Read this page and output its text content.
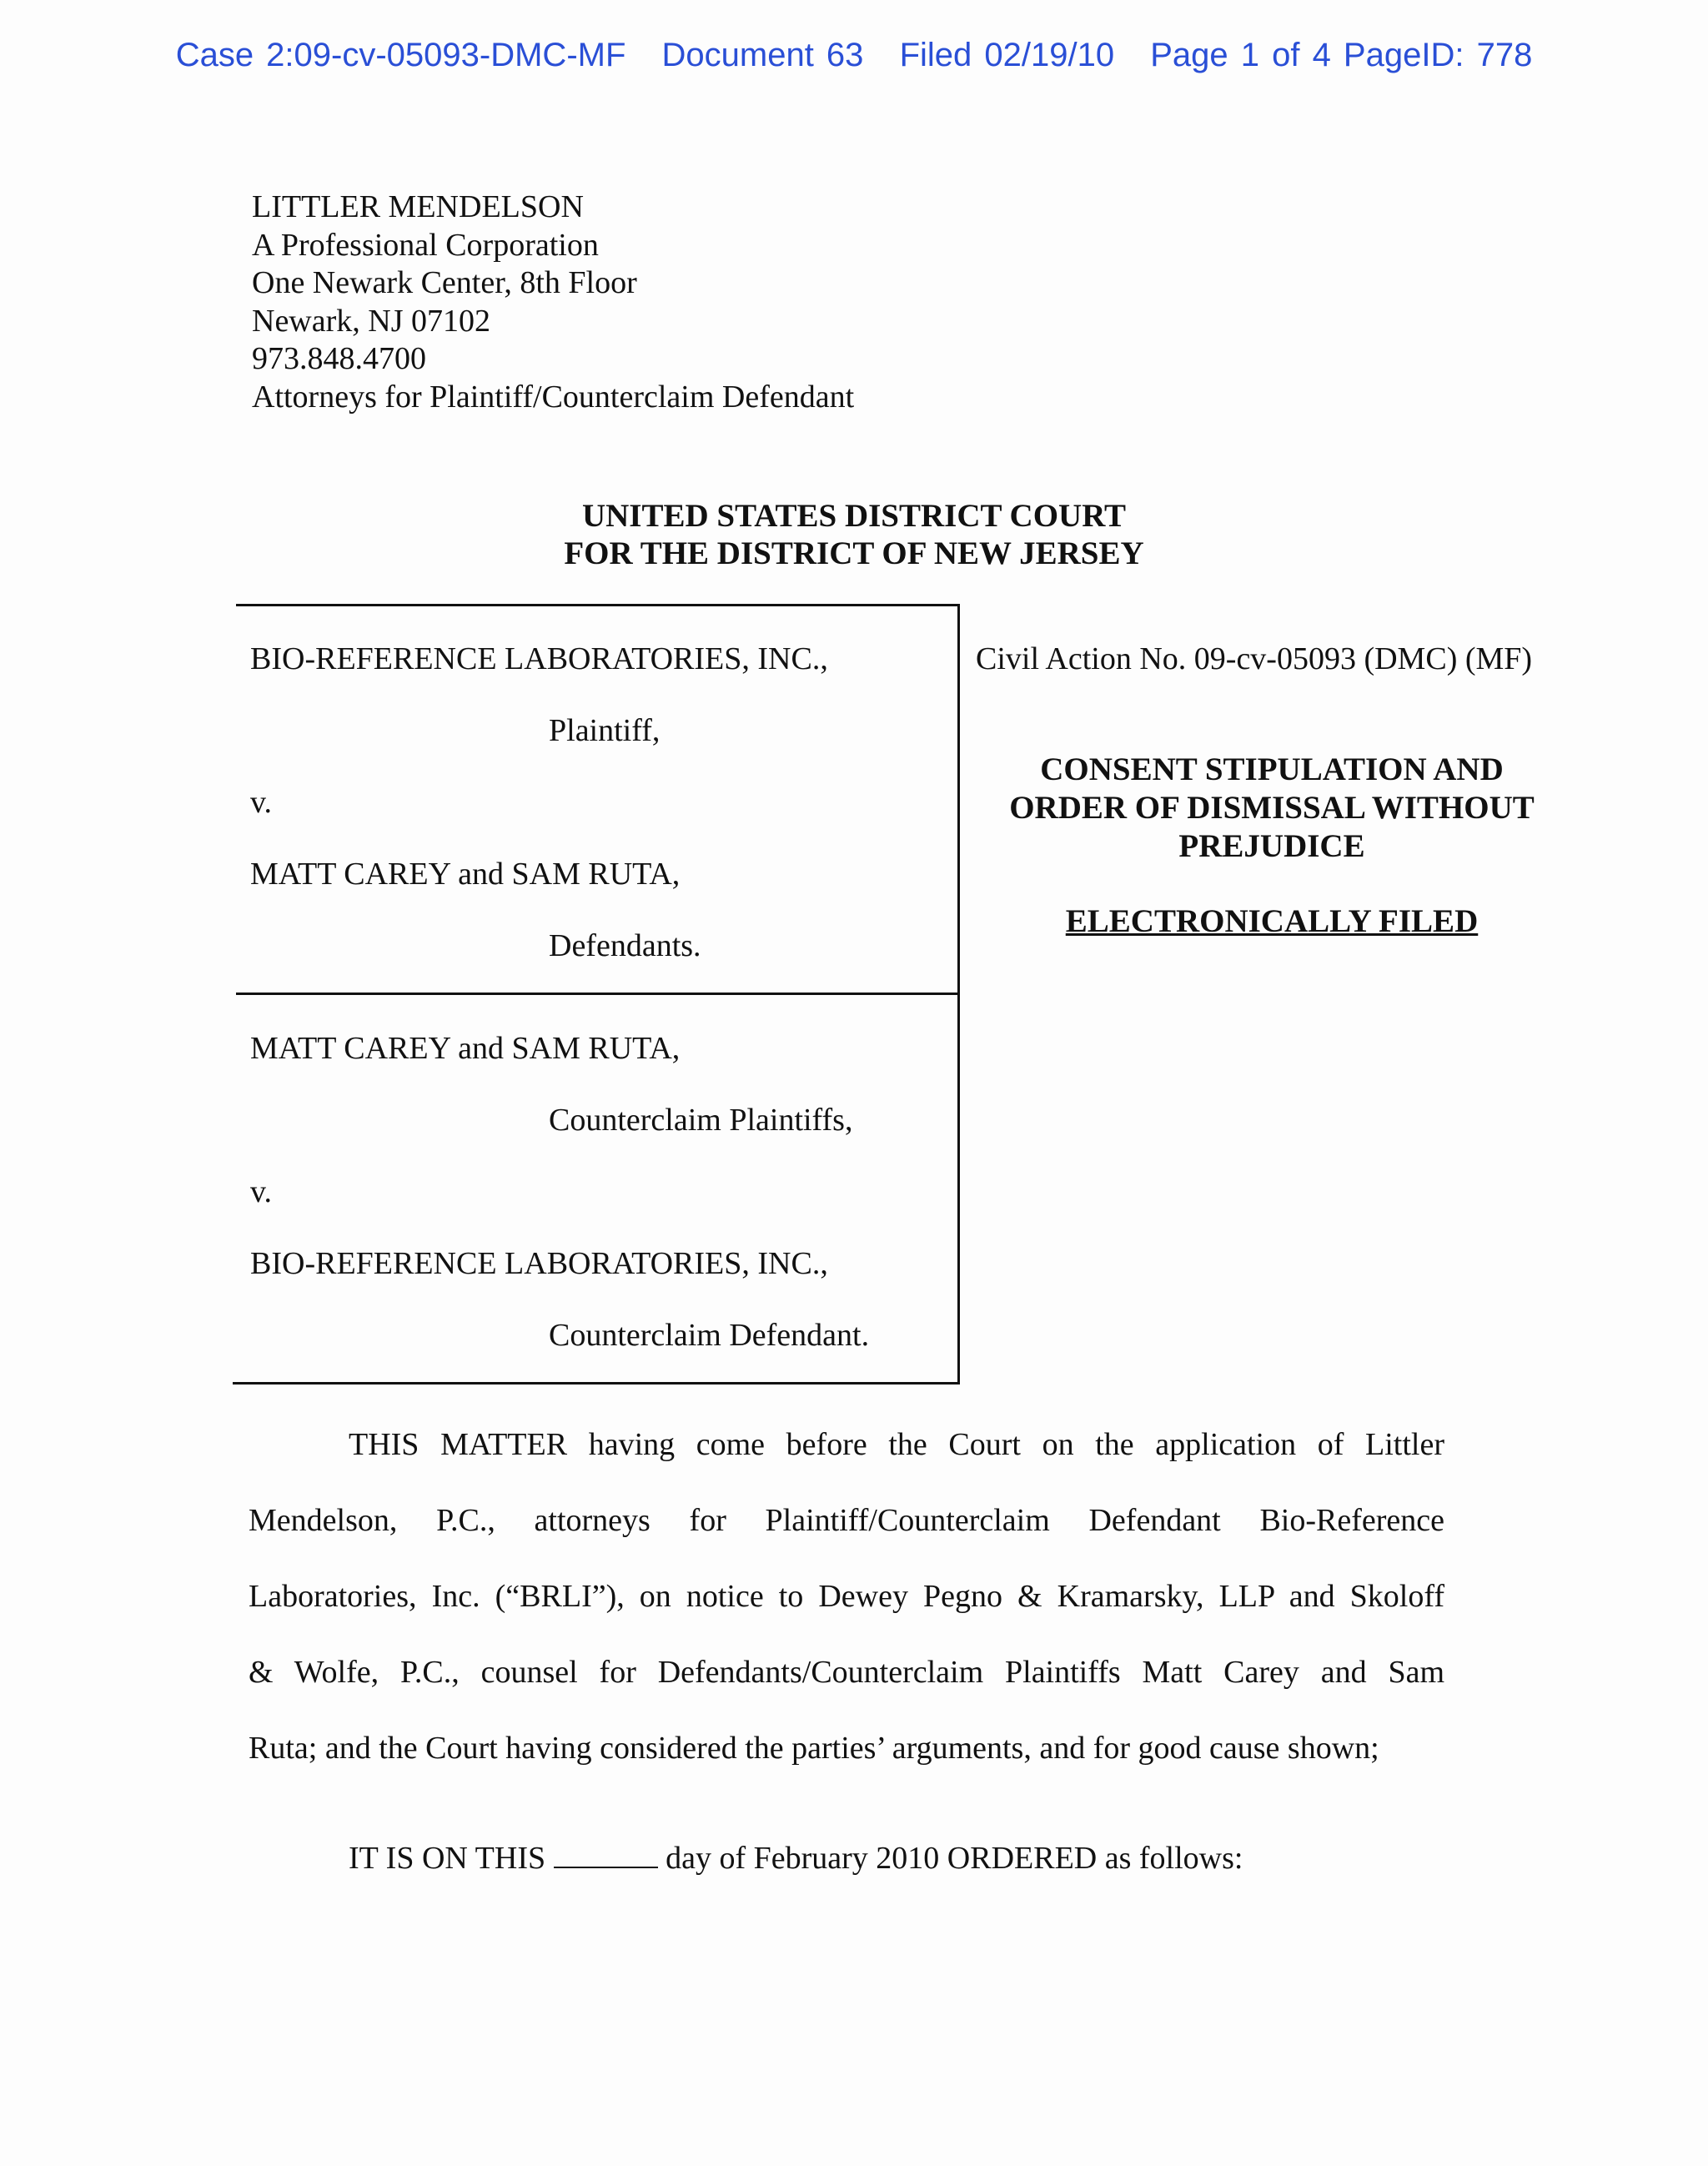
Case 2:09-cv-05093-DMC-MF Document 63 Filed 02/19/10 Page 1 of 4 PageID: 778
LITTLER MENDELSON
A Professional Corporation
One Newark Center, 8th Floor
Newark, NJ 07102
973.848.4700
Attorneys for Plaintiff/Counterclaim Defendant
UNITED STATES DISTRICT COURT
FOR THE DISTRICT OF NEW JERSEY
BIO-REFERENCE LABORATORIES, INC.,
Plaintiff,
v.
MATT CAREY and SAM RUTA,
Defendants.
MATT CAREY and SAM RUTA,
Counterclaim Plaintiffs,
v.
BIO-REFERENCE LABORATORIES, INC.,
Counterclaim Defendant.
Civil Action No. 09-cv-05093 (DMC) (MF)
CONSENT STIPULATION AND
ORDER OF DISMISSAL WITHOUT
PREJUDICE
ELECTRONICALLY FILED
THIS MATTER having come before the Court on the application of Littler
Mendelson, P.C., attorneys for Plaintiff/Counterclaim Defendant Bio-Reference
Laboratories, Inc. (“BRLI”), on notice to Dewey Pegno & Kramarsky, LLP and Skoloff
& Wolfe, P.C., counsel for Defendants/Counterclaim Plaintiffs Matt Carey and Sam
Ruta; and the Court having considered the parties’ arguments, and for good cause shown;
IT IS ON THIS	day of February 2010 ORDERED as follows:
